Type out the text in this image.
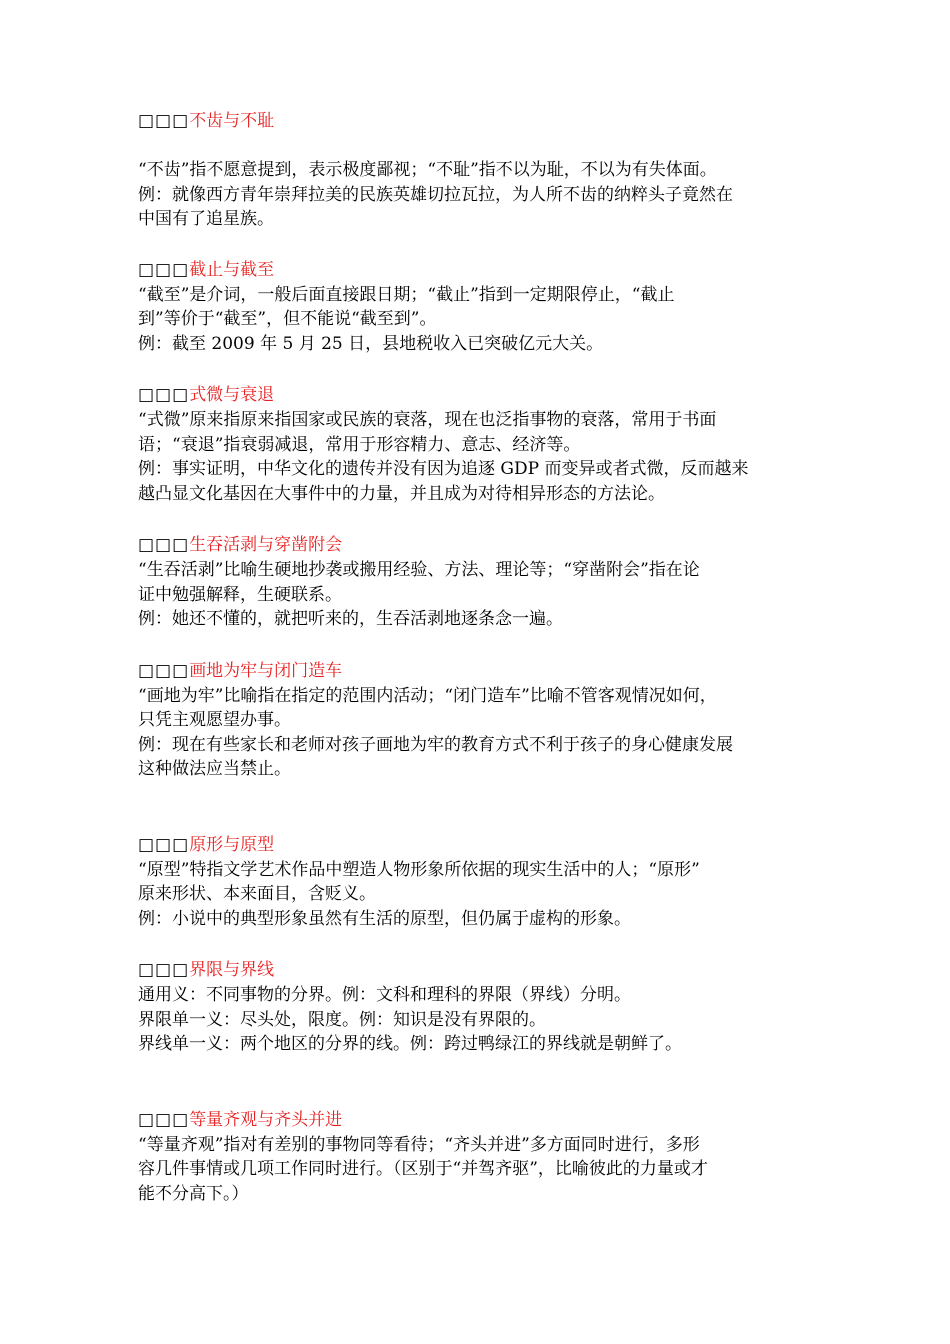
□□□不齿与不耻
“不齿”指不愿意提到，表示极度鄙视；“不耻”指不以为耻，不以为有失体面。
例：就像西方青年崇拜拉美的民族英雄切拉瓦拉，为人所不齿的纳粹头子竟然在
中国有了追星族。
□□□截止与截至
“截至”是介词，一般后面直接跟日期；“截止”指到一定期限停止，“截止
到”等价于“截至”，但不能说“截至到”。
例：截至 2009 年 5 月 25 日，县地税收入已突破亿元大关。
□□□式微与衰退
“式微”原来指原来指国家或民族的衰落，现在也泛指事物的衰落，常用于书面
语；“衰退”指衰弱减退，常用于形容精力、意志、经济等。
例：事实证明，中华文化的遗传并没有因为追逐 GDP 而变异或者式微，反而越来
越凸显文化基因在大事件中的力量，并且成为对待相异形态的方法论。
□□□生吞活剥与穿凿附会
“生吞活剥”比喻生硬地抄袭或搬用经验、方法、理论等；“穿凿附会”指在论
证中勉强解释，生硬联系。
例：她还不懂的，就把听来的，生吞活剥地逐条念一遍。
□□□画地为牢与闭门造车
“画地为牢”比喻指在指定的范围内活动；“闭门造车”比喻不管客观情况如何，
只凭主观愿望办事。
例：现在有些家长和老师对孩子画地为牢的教育方式不利于孩子的身心健康发展
这种做法应当禁止。
□□□原形与原型
“原型”特指文学艺术作品中塑造人物形象所依据的现实生活中的人；“原形”
原来形状、本来面目，含贬义。
例：小说中的典型形象虽然有生活的原型，但仍属于虚构的形象。
□□□界限与界线
通用义：不同事物的分界。例：文科和理科的界限（界线）分明。
界限单一义：尽头处，限度。例：知识是没有界限的。
界线单一义：两个地区的分界的线。例：跨过鸭绿江的界线就是朝鲜了。
□□□等量齐观与齐头并进
“等量齐观”指对有差别的事物同等看待；“齐头并进”多方面同时进行，多形
容几件事情或几项工作同时进行。（区别于“并驾齐驱”，比喻彼此的力量或才
能不分高下。）
